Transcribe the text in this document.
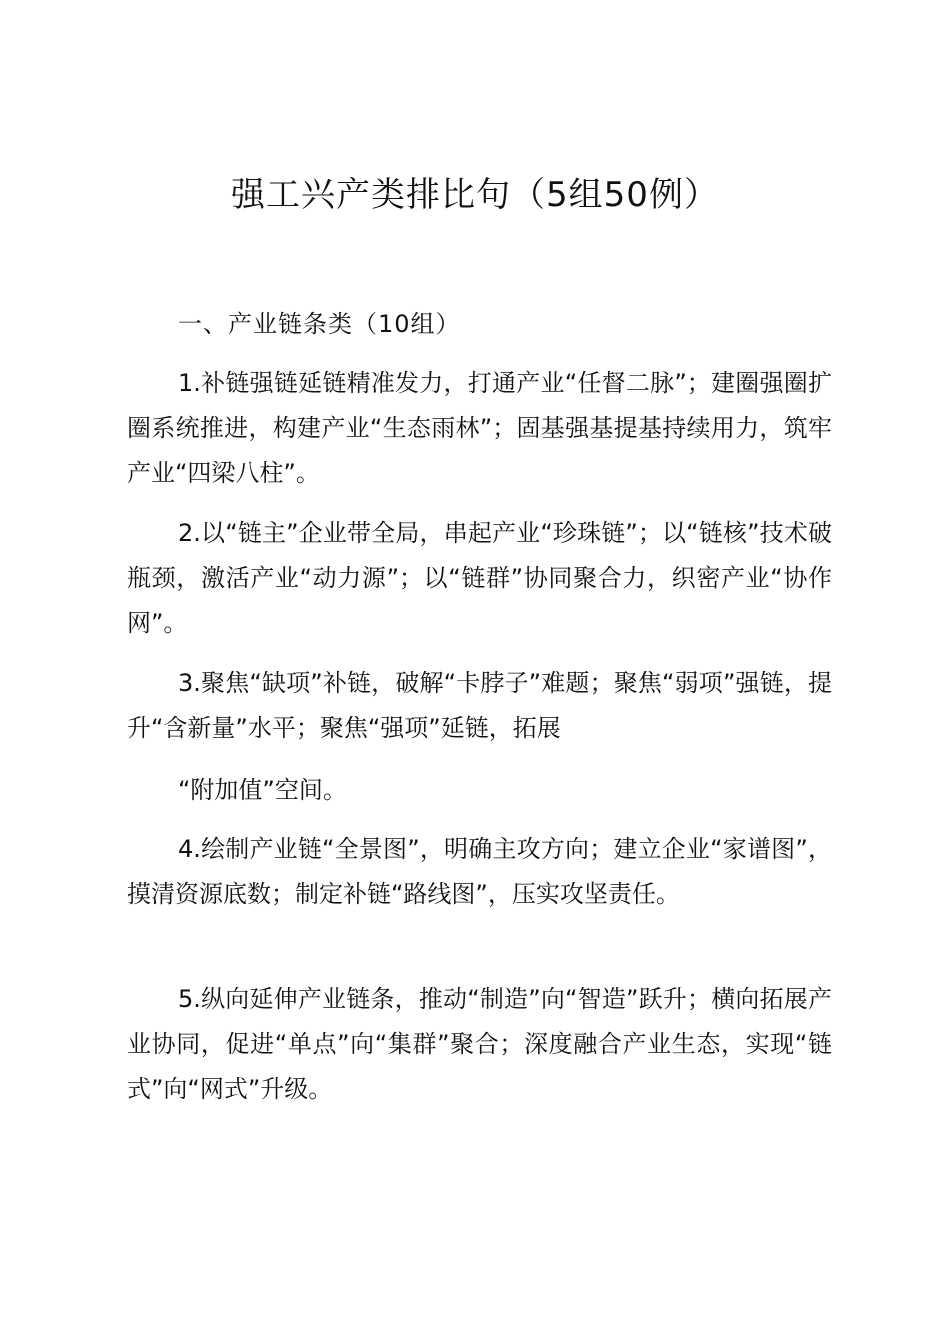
强工兴产类排比句（5组50例）
一、产业链条类（10组）

1.补链强链延链精准发力，打通产业“任督二脉”；建圈强圈扩圈系统推进，构建产业“生态雨林”；固基强基提基持续用力，筑牢产业“四梁八柱”。

2.以“链主”企业带全局，串起产业“珍珠链”；以“链核”技术破瓶颈，激活产业“动力源”；以“链群”协同聚合力，织密产业“协作网”。

3.聚焦“缺项”补链，破解“卡脖子”难题；聚焦“弱项”强链，提升“含新量”水平；聚焦“强项”延链，拓展

“附加值”空间。

4.绘制产业链“全景图”，明确主攻方向；建立企业“家谱图”，摸清资源底数；制定补链“路线图”，压实攻坚责任。

5.纵向延伸产业链条，推动“制造”向“智造”跃升；横向拓展产业协同，促进“单点”向“集群”聚合；深度融合产业生态，实现“链式”向“网式”升级。
